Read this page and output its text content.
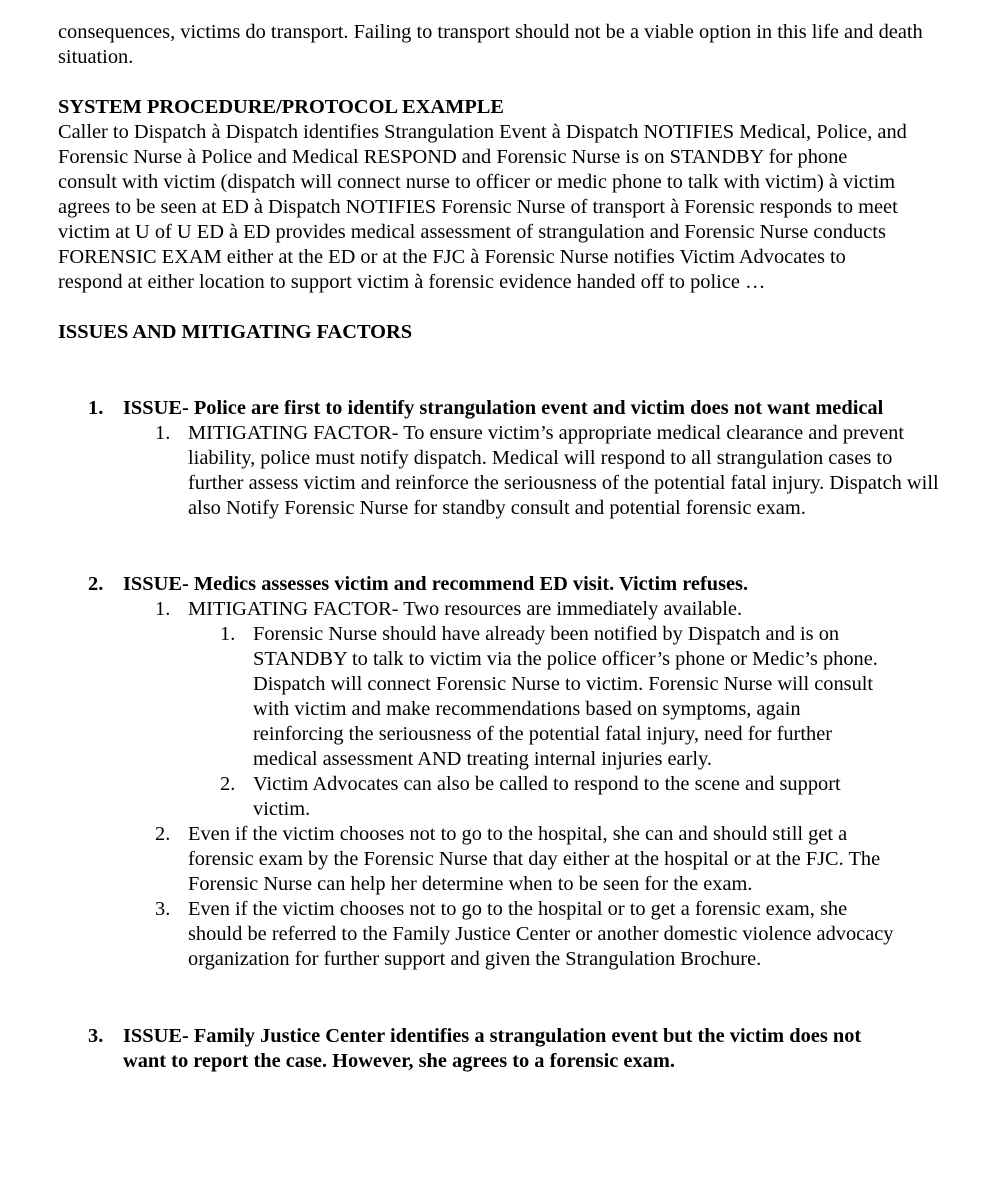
consequences, victims do transport. Failing to transport should not be a viable option in this life and death situation.

SYSTEM PROCEDURE/PROTOCOL EXAMPLE

Caller to Dispatch à Dispatch identifies Strangulation Event à Dispatch NOTIFIES Medical, Police, and Forensic Nurse à Police and Medical RESPOND and Forensic Nurse is on STANDBY for phone consult with victim (dispatch will connect nurse to officer or medic phone to talk with victim) à victim agrees to be seen at ED à Dispatch NOTIFIES Forensic Nurse of transport à Forensic responds to meet victim at U of U ED à ED provides medical assessment of strangulation and Forensic Nurse conducts FORENSIC EXAM either at the ED or at the FJC à Forensic Nurse notifies Victim Advocates to respond at either location to support victim à forensic evidence handed off to police …

ISSUES AND MITIGATING FACTORS

1. ISSUE- Police are first to identify strangulation event and victim does not want medical
1. MITIGATING FACTOR- To ensure victim’s appropriate medical clearance and prevent liability, police must notify dispatch. Medical will respond to all strangulation cases to further assess victim and reinforce the seriousness of the potential fatal injury. Dispatch will also Notify Forensic Nurse for standby consult and potential forensic exam.
2. ISSUE- Medics assesses victim and recommend ED visit. Victim refuses.
1. MITIGATING FACTOR- Two resources are immediately available.
1. Forensic Nurse should have already been notified by Dispatch and is on STANDBY to talk to victim via the police officer’s phone or Medic’s phone. Dispatch will connect Forensic Nurse to victim. Forensic Nurse will consult with victim and make recommendations based on symptoms, again reinforcing the seriousness of the potential fatal injury, need for further medical assessment AND treating internal injuries early.
2. Victim Advocates can also be called to respond to the scene and support victim.
2. Even if the victim chooses not to go to the hospital, she can and should still get a forensic exam by the Forensic Nurse that day either at the hospital or at the FJC. The Forensic Nurse can help her determine when to be seen for the exam.
3. Even if the victim chooses not to go to the hospital or to get a forensic exam, she should be referred to the Family Justice Center or another domestic violence advocacy organization for further support and given the Strangulation Brochure.
3. ISSUE- Family Justice Center identifies a strangulation event but the victim does not want to report the case. However, she agrees to a forensic exam.
